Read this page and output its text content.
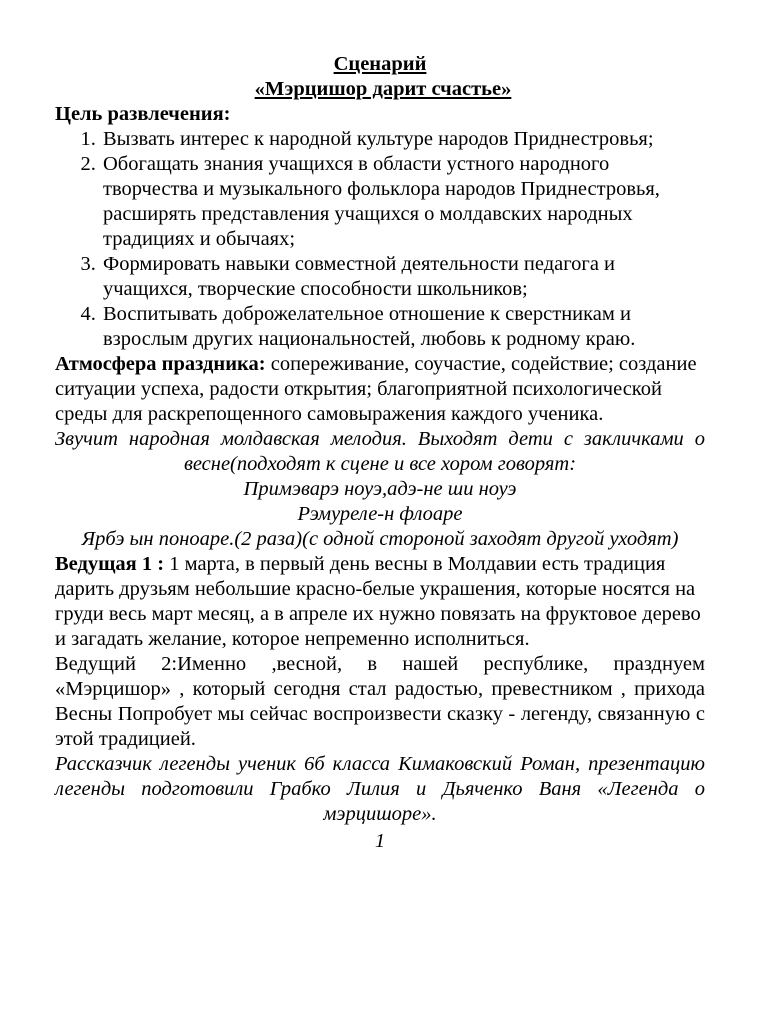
Сценарий
«Мэрцишор дарит счастье»
Цель развлечения:
1. Вызвать интерес к народной культуре народов Приднестровья;
2. Обогащать знания учащихся в области устного народного творчества и музыкального фольклора народов Приднестровья, расширять представления учащихся о молдавских народных традициях и обычаях;
3. Формировать навыки совместной деятельности педагога и учащихся, творческие способности школьников;
4. Воспитывать доброжелательное отношение к сверстникам и взрослым других национальностей, любовь к родному краю.

Атмосфера праздника: сопереживание, соучастие, содействие; создание ситуации успеха, радости открытия; благоприятной психологической среды для раскрепощенного самовыражения каждого ученика.

Звучит народная молдавская мелодия. Выходят дети с закличками о весне(подходят к сцене и все хором говорят:

Примэварэ ноуэ,адэ-не ши ноуэ

Рэмуреле-н флоаре

Ярбэ ын поноаре.(2 раза)(с одной стороной заходят другой уходят)

Ведущая 1 : 1 марта, в первый день весны в Молдавии есть традиция дарить друзьям небольшие красно-белые украшения, которые носятся на груди весь март месяц, а в апреле их нужно повязать на фруктовое дерево и загадать желание, которое непременно исполниться.

Ведущий 2:Именно ,весной, в нашей республике, празднуем «Мэрцишор» , который сегодня стал радостью, превестником , прихода Весны Попробует мы сейчас воспроизвести сказку - легенду, связанную с этой традицией.

Рассказчик легенды ученик 6б класса Кимаковский Роман, презентацию легенды подготовили Грабко Лилия и Дьяченко Ваня «Легенда о мэрцишоре».

1
